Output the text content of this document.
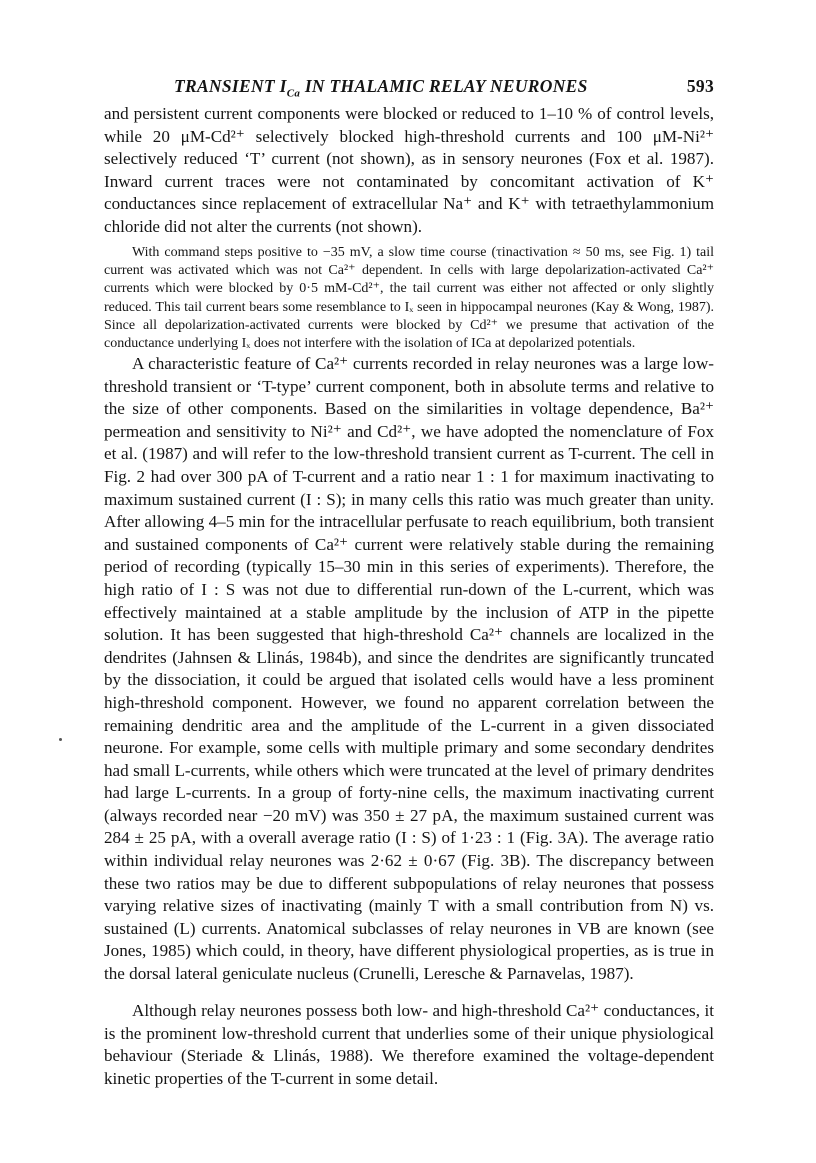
TRANSIENT $I_{Ca}$ IN THALAMIC RELAY NEURONES	593

and persistent current components were blocked or reduced to 1–10 % of control levels, while 20 μM-Cd²⁺ selectively blocked high-threshold currents and 100 μM-Ni²⁺ selectively reduced ‘T’ current (not shown), as in sensory neurones (Fox et al. 1987). Inward current traces were not contaminated by concomitant activation of K⁺ conductances since replacement of extracellular Na⁺ and K⁺ with tetraethylammonium chloride did not alter the currents (not shown).

With command steps positive to −35 mV, a slow time course (τinactivation ≈ 50 ms, see Fig. 1) tail current was activated which was not Ca²⁺ dependent. In cells with large depolarization-activated Ca²⁺ currents which were blocked by 0·5 mM-Cd²⁺, the tail current was either not affected or only slightly reduced. This tail current bears some resemblance to Iₓ seen in hippocampal neurones (Kay & Wong, 1987). Since all depolarization-activated currents were blocked by Cd²⁺ we presume that activation of the conductance underlying Iₓ does not interfere with the isolation of ICa at depolarized potentials.

A characteristic feature of Ca²⁺ currents recorded in relay neurones was a large low-threshold transient or ‘T-type’ current component, both in absolute terms and relative to the size of other components. Based on the similarities in voltage dependence, Ba²⁺ permeation and sensitivity to Ni²⁺ and Cd²⁺, we have adopted the nomenclature of Fox et al. (1987) and will refer to the low-threshold transient current as T-current. The cell in Fig. 2 had over 300 pA of T-current and a ratio near 1 : 1 for maximum inactivating to maximum sustained current (I : S); in many cells this ratio was much greater than unity. After allowing 4–5 min for the intracellular perfusate to reach equilibrium, both transient and sustained components of Ca²⁺ current were relatively stable during the remaining period of recording (typically 15–30 min in this series of experiments). Therefore, the high ratio of I : S was not due to differential run-down of the L-current, which was effectively maintained at a stable amplitude by the inclusion of ATP in the pipette solution. It has been suggested that high-threshold Ca²⁺ channels are localized in the dendrites (Jahnsen & Llinás, 1984b), and since the dendrites are significantly truncated by the dissociation, it could be argued that isolated cells would have a less prominent high-threshold component. However, we found no apparent correlation between the remaining dendritic area and the amplitude of the L-current in a given dissociated neurone. For example, some cells with multiple primary and some secondary dendrites had small L-currents, while others which were truncated at the level of primary dendrites had large L-currents. In a group of forty-nine cells, the maximum inactivating current (always recorded near −20 mV) was 350 ± 27 pA, the maximum sustained current was 284 ± 25 pA, with a overall average ratio (I : S) of 1·23 : 1 (Fig. 3A). The average ratio within individual relay neurones was 2·62 ± 0·67 (Fig. 3B). The discrepancy between these two ratios may be due to different subpopulations of relay neurones that possess varying relative sizes of inactivating (mainly T with a small contribution from N) vs. sustained (L) currents. Anatomical subclasses of relay neurones in VB are known (see Jones, 1985) which could, in theory, have different physiological properties, as is true in the dorsal lateral geniculate nucleus (Crunelli, Leresche & Parnavelas, 1987).

Although relay neurones possess both low- and high-threshold Ca²⁺ conductances, it is the prominent low-threshold current that underlies some of their unique physiological behaviour (Steriade & Llinás, 1988). We therefore examined the voltage-dependent kinetic properties of the T-current in some detail.
